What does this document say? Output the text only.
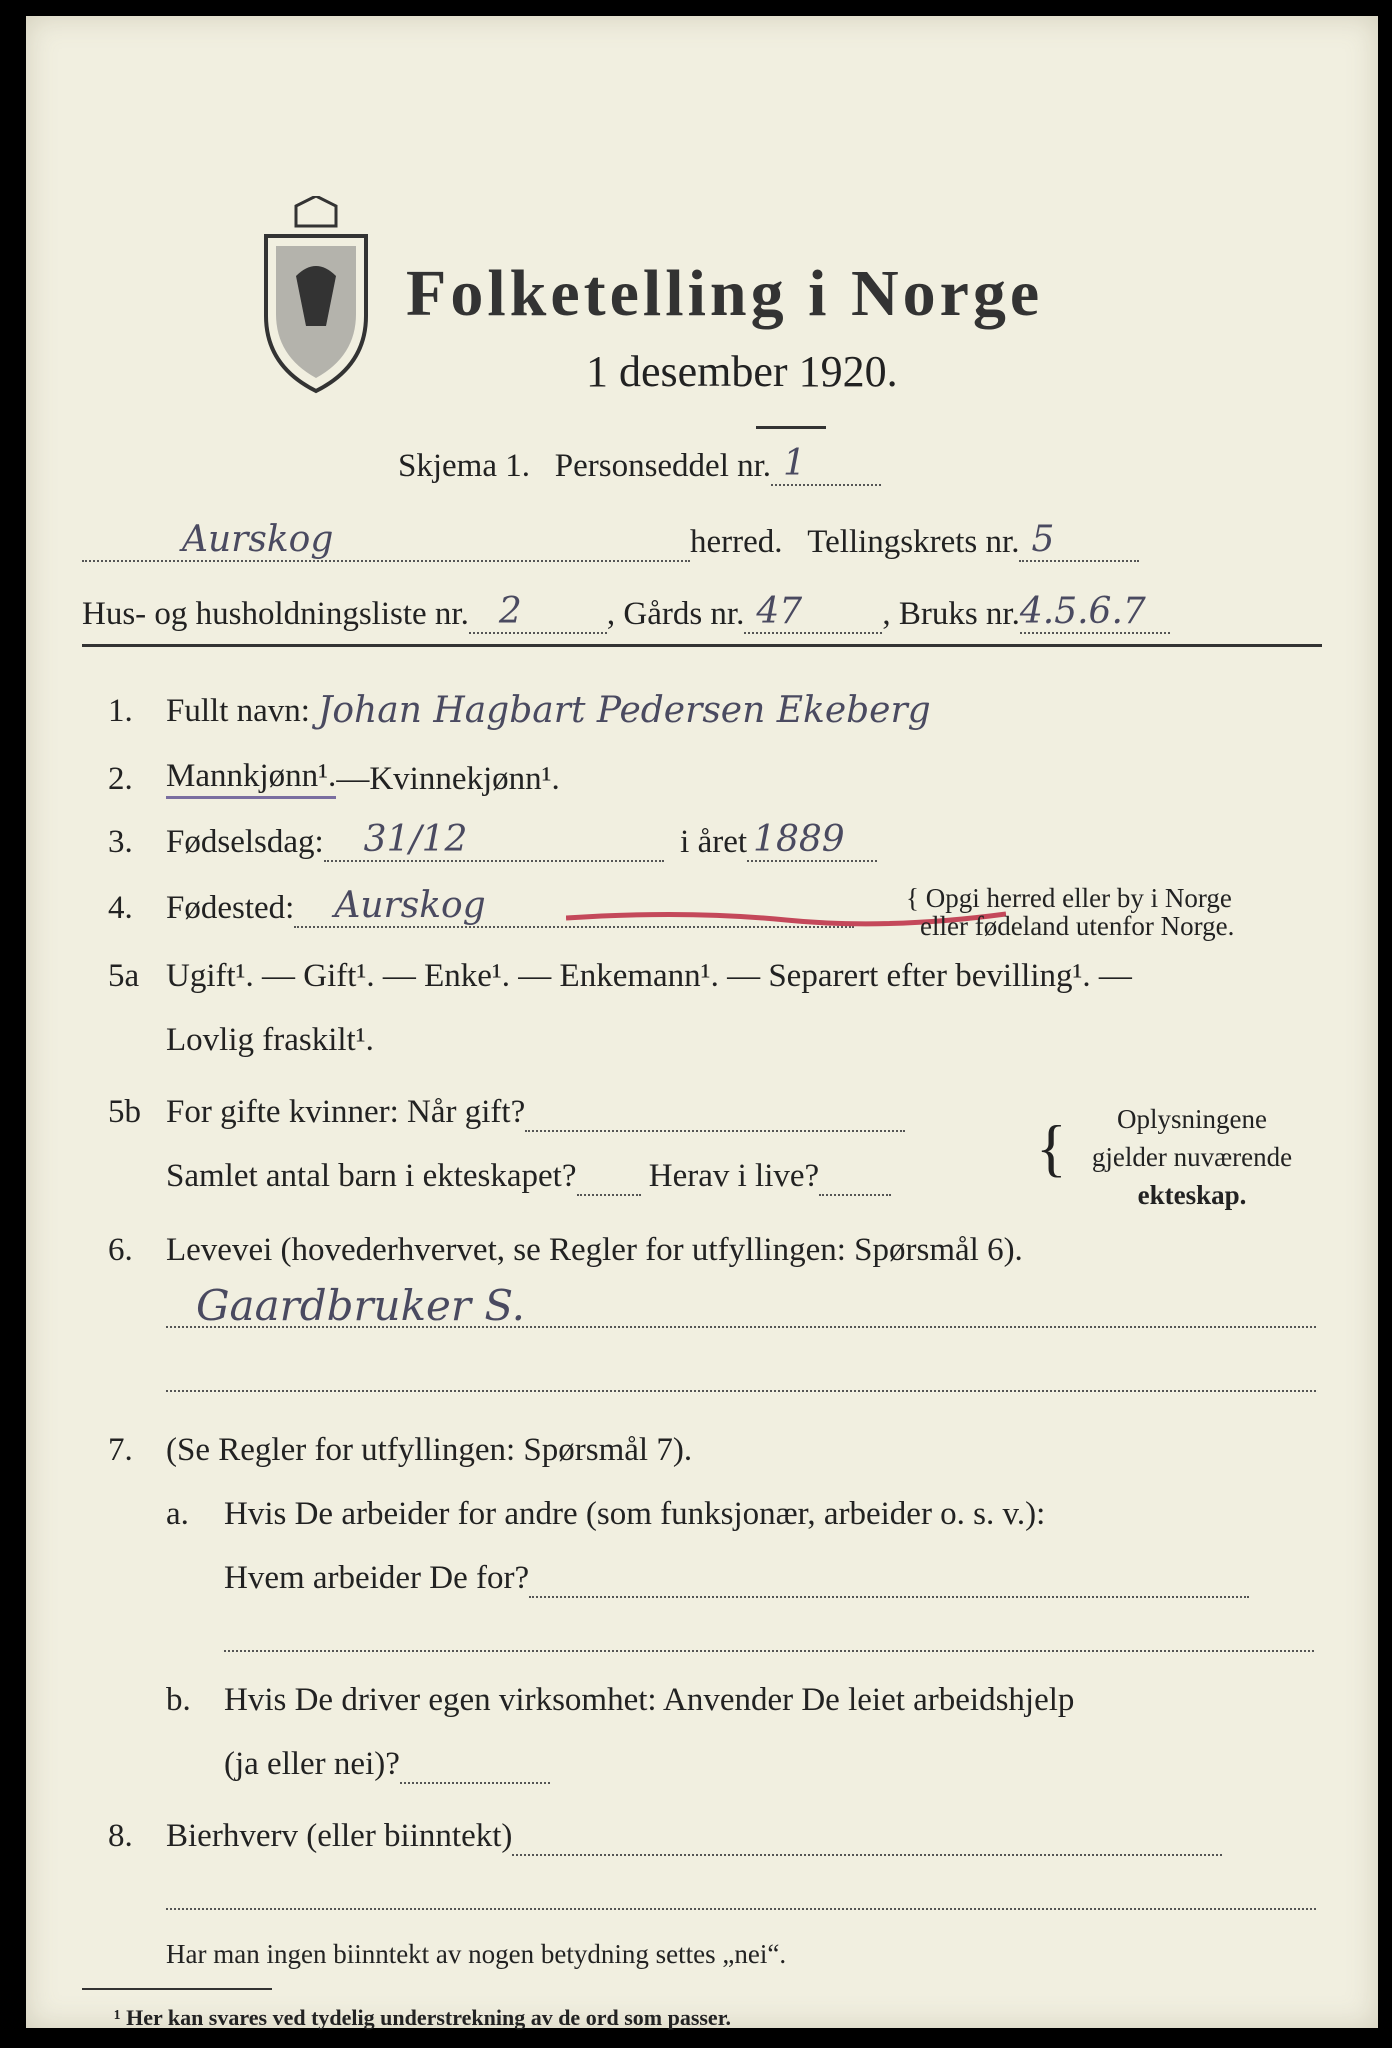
Folketelling i Norge
1 desember 1920.
Skjema 1.
Personseddel nr. 1
Aurskog	herred.
Tellingskrets nr. 5
Hus- og husholdningsliste nr. 2	, Gårds nr. 47 , Bruks nr. 4.5.6.7
1.	Fullt navn: Johan Hagbart Pedersen Ekeberg
2.	Mannkjønn¹. — Kvinnekjønn¹.
3.	Fødselsdag: 31/12
	i året 1889
4.	Fødested: Aurskog	{ Opgi herred eller by i Norge
eller fødeland utenfor Norge.
5a Ugift¹. — Gift¹. — Enke¹. — Enkemann¹. — Separert efter bevilling¹. —
Lovlig fraskilt¹.
5b For gifte kvinner: Når gift?
Samlet antal barn i ekteskapet?
Herav i live?	{	Oplysningene
gjelder nuværende
ekteskap.
6.	Levevei (hovederhvervet, se Regler for utfyllingen: Spørsmål 6).
Gaardbruker S.
7.	(Se Regler for utfyllingen: Spørsmål 7).
a.	Hvis De arbeider for andre (som funksjonær, arbeider o. s. v.):
Hvem arbeider De for?
b.	Hvis De driver egen virksomhet: Anvender De leiet arbeidshjelp
(ja eller nei)?
8.	Bierhverv (eller biinntekt)
Har man ingen biinntekt av nogen betydning settes „nei“.
¹ Her kan svares ved tydelig understrekning av de ord som passer.
